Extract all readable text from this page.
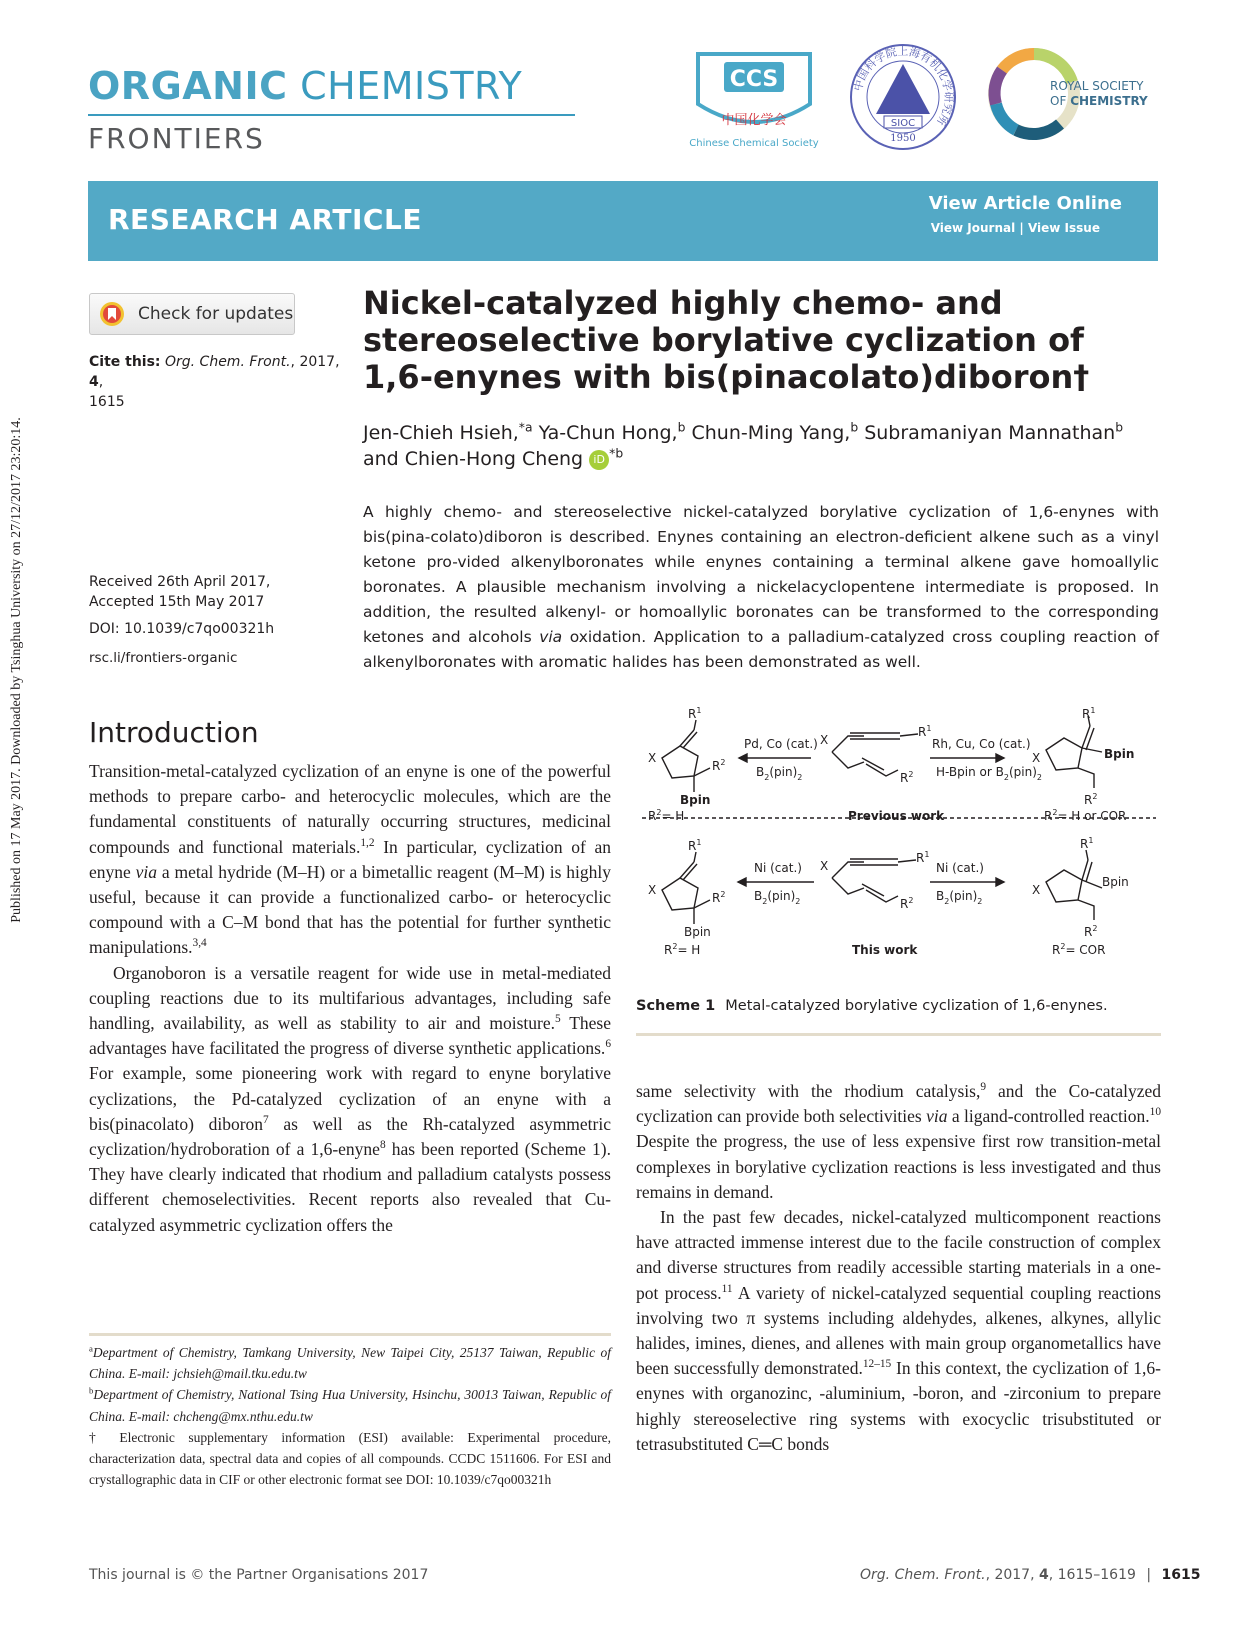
ORGANIC CHEMISTRY
FRONTIERS
CCS
中国化学会
Chinese Chemical Society
中国科学院上海有机化学研究所
SIOC
1950
ROYAL SOCIETY
OF CHEMISTRY
RESEARCH ARTICLE	View Article Online
View Journal | View Issue
Published on 17 May 2017. Downloaded by Tsinghua University on 27/12/2017 23:20:14.
Check for updates
Cite this: Org. Chem. Front., 2017, 4,
1615
Received 26th April 2017,
Accepted 15th May 2017
DOI: 10.1039/c7qo00321h
rsc.li/frontiers-organic
Nickel-catalyzed highly chemo- and stereoselective borylative cyclization of 1,6-enynes with bis(pinacolato)diboron†
Jen-Chieh Hsieh,$^{*a}$ Ya-Chun Hong,$^b$ Chun-Ming Yang,$^b$ Subramaniyan Mannathan$^b$
and Chien-Hong Cheng iD $^{*b}$
A highly chemo- and stereoselective nickel-catalyzed borylative cyclization of 1,6-enynes with bis(pina-colato)diboron is described. Enynes containing an electron-deficient alkene such as a vinyl ketone pro-vided alkenylboronates while enynes containing a terminal alkene gave homoallylic boronates. A plausible mechanism involving a nickelacyclopentene intermediate is proposed. In addition, the resulted alkenyl- or homoallylic boronates can be transformed to the corresponding ketones and alcohols via oxidation. Application to a palladium-catalyzed cross coupling reaction of alkenylboronates with aromatic halides has been demonstrated as well.
Introduction

Transition-metal-catalyzed cyclization of an enyne is one of the powerful methods to prepare carbo- and heterocyclic molecules, which are the fundamental constituents of naturally occurring structures, medicinal compounds and functional materials.$^{1,2}$ In particular, cyclization of an enyne via a metal hydride (M–H) or a bimetallic reagent (M–M) is highly useful, because it can provide a functionalized carbo- or heterocyclic compound with a C–M bond that has the potential for further synthetic manipulations.$^{3,4}$

Organoboron is a versatile reagent for wide use in metal-mediated coupling reactions due to its multifarious advantages, including safe handling, availability, as well as stability to air and moisture.$^5$ These advantages have facilitated the progress of diverse synthetic applications.$^6$ For example, some pioneering work with regard to enyne borylative cyclizations, the Pd-catalyzed cyclization of an enyne with a bis(pinacolato) diboron$^7$ as well as the Rh-catalyzed asymmetric cyclization/hydroboration of a 1,6-enyne$^8$ has been reported (Scheme 1). They have clearly indicated that rhodium and palladium catalysts possess different chemoselectivities. Recent reports also revealed that Cu-catalyzed asymmetric cyclization offers the

$^a$Department of Chemistry, Tamkang University, New Taipei City, 25137 Taiwan, Republic of China. E-mail: jchsieh@mail.tku.edu.tw

$^b$Department of Chemistry, National Tsing Hua University, Hsinchu, 30013 Taiwan, Republic of China. E-mail: chcheng@mx.nthu.edu.tw

† Electronic supplementary information (ESI) available: Experimental procedure, characterization data, spectral data and copies of all compounds. CCDC 1511606. For ESI and crystallographic data in CIF or other electronic format see DOI: 10.1039/c7qo00321h

$R^1$
X
$R^2$
Bpin
$R^2= H$
Pd, Co (cat.)
$B_2(pin)_2$
X
$R^1$
$R^2$
Previous work
Rh, Cu, Co (cat.)
H-Bpin or $B_2(pin)_2$
$R^1$
X	Bpin
$R^2$
$R^2= H$ or COR
$R^1$
X
$R^2$
Bpin
$R^2= H$
Ni (cat.)
$B_2(pin)_2$
X
$R^1$
$R^2$
This work
Ni (cat.)
$B_2(pin)_2$
$R^1$
X
Bpin
$R^2$
$R^2=$ COR
Scheme 1 Metal-catalyzed borylative cyclization of 1,6-enynes.

same selectivity with the rhodium catalysis,$^9$ and the Co-catalyzed cyclization can provide both selectivities via a ligand-controlled reaction.$^{10}$ Despite the progress, the use of less expensive first row transition-metal complexes in borylative cyclization reactions is less investigated and thus remains in demand.

In the past few decades, nickel-catalyzed multicomponent reactions have attracted immense interest due to the facile construction of complex and diverse structures from readily accessible starting materials in a one-pot process.$^{11}$ A variety of nickel-catalyzed sequential coupling reactions involving two π systems including aldehydes, alkenes, alkynes, allylic halides, imines, dienes, and allenes with main group organometallics have been successfully demonstrated.$^{12-15}$ In this context, the cyclization of 1,6-enynes with organozinc, -aluminium, -boron, and -zirconium to prepare highly stereoselective ring systems with exocyclic trisubstituted or tetrasubstituted C═C bonds

This journal is © the Partner Organisations 2017	Org. Chem. Front., 2017, 4, 1615–1619 | 1615
